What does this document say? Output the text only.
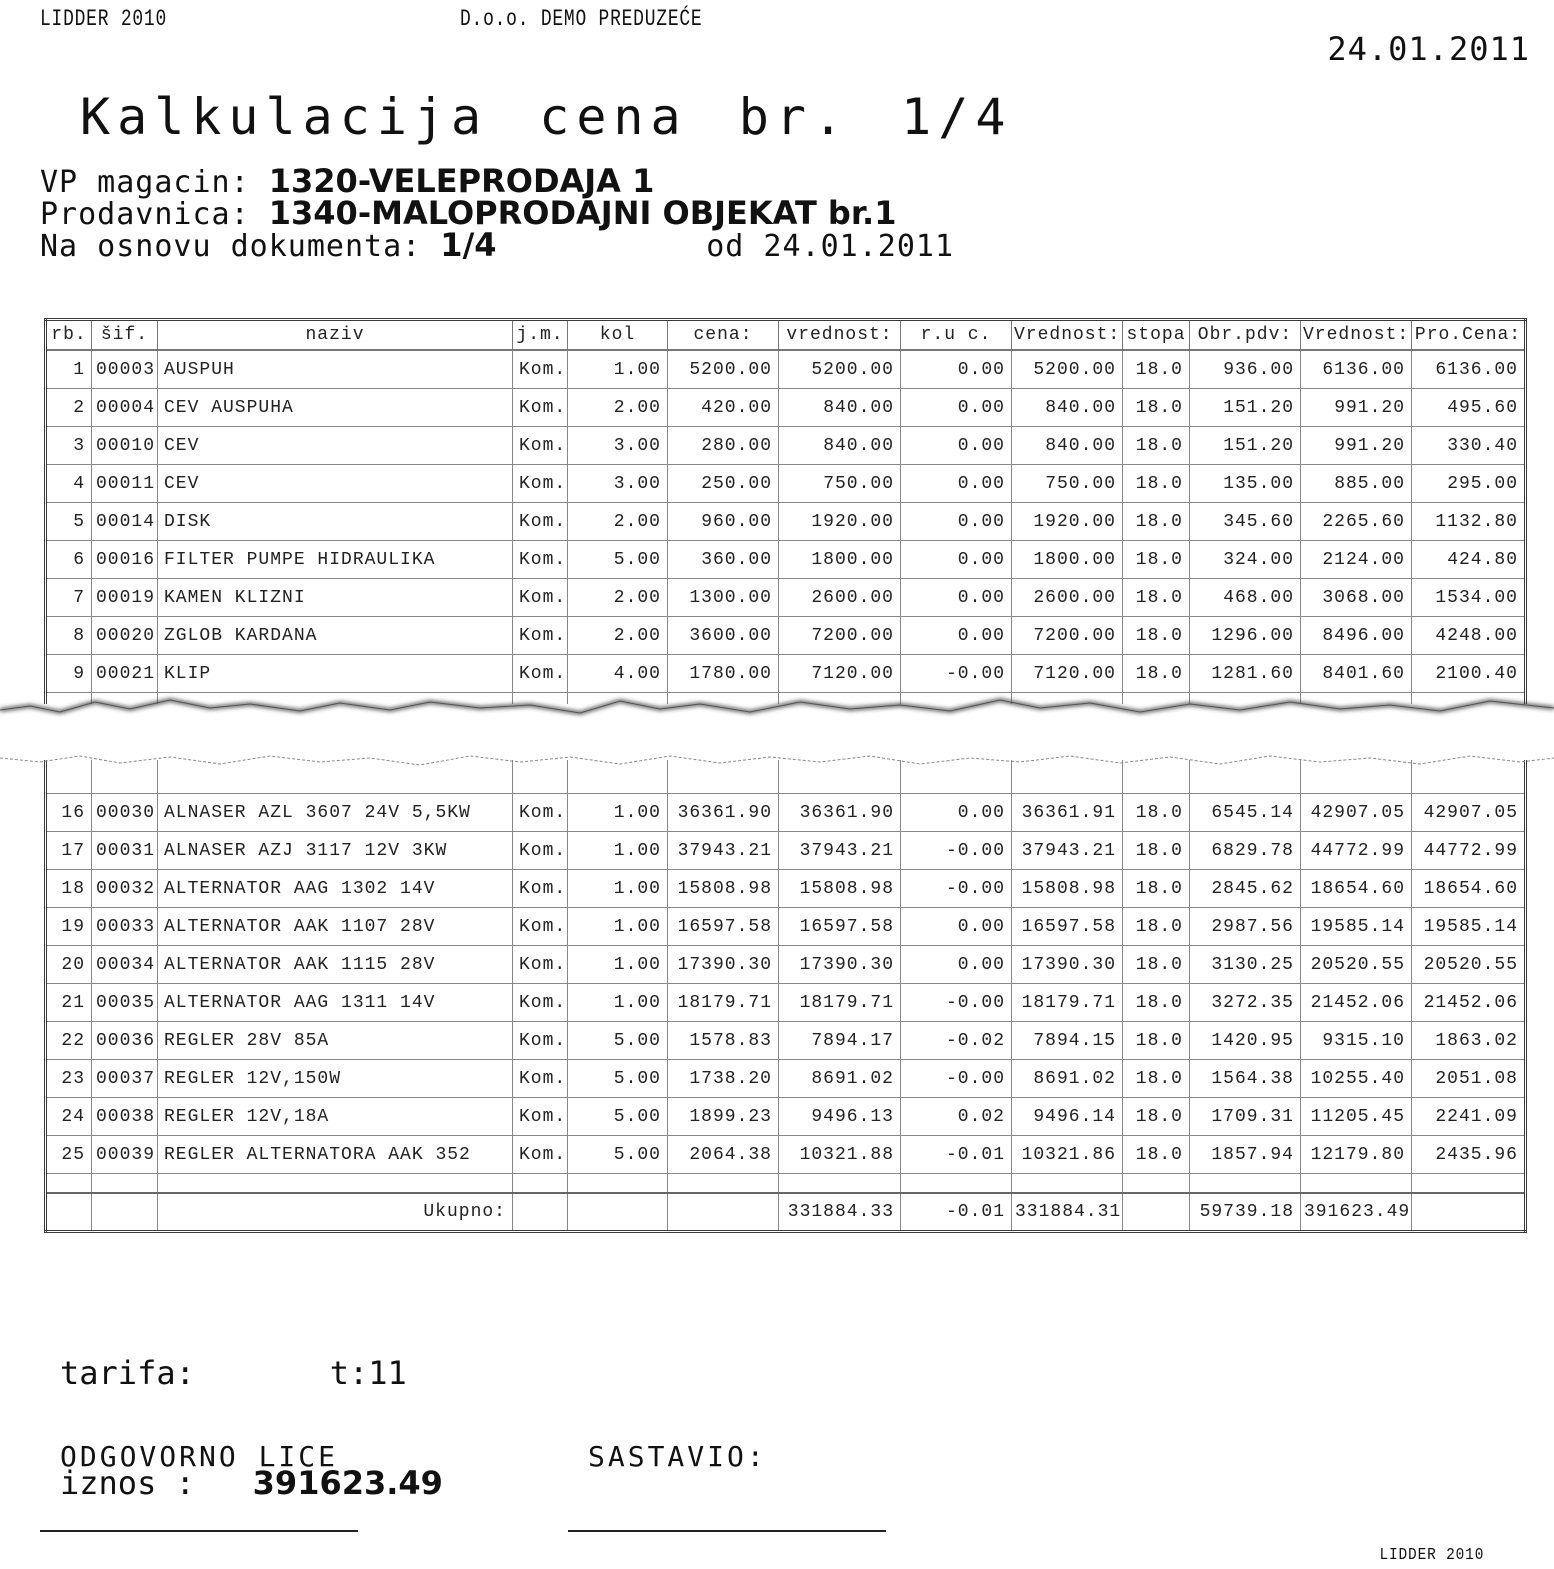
LIDDER 2010	D.o.o. DEMO PREDUZEĆE
24.01.2011
Kalkulacija cena br. 1/4
VP magacin: 1320-VELEPRODAJA 1
Prodavnica: 1340-MALOPRODAJNI OBJEKAT br.1
Na osnovu dokumenta: 1/4	od 24.01.2011
rb.	šif.	naziv	j.m.	kol	cena:	vrednost:	r.u c.	Vrednost:	stopa	Obr.pdv:	Vrednost:	Pro.Cena:
1	00003	AUSPUH	Kom.	1.00	5200.00	5200.00	0.00	5200.00	18.0	936.00	6136.00	6136.00
2	00004	CEV AUSPUHA	Kom.	2.00	420.00	840.00	0.00	840.00	18.0	151.20	991.20	495.60
3	00010	CEV	Kom.	3.00	280.00	840.00	0.00	840.00	18.0	151.20	991.20	330.40
4	00011	CEV	Kom.	3.00	250.00	750.00	0.00	750.00	18.0	135.00	885.00	295.00
5	00014	DISK	Kom.	2.00	960.00	1920.00	0.00	1920.00	18.0	345.60	2265.60	1132.80
6	00016	FILTER PUMPE HIDRAULIKA	Kom.	5.00	360.00	1800.00	0.00	1800.00	18.0	324.00	2124.00	424.80
7	00019	KAMEN KLIZNI	Kom.	2.00	1300.00	2600.00	0.00	2600.00	18.0	468.00	3068.00	1534.00
8	00020	ZGLOB KARDANA	Kom.	2.00	3600.00	7200.00	0.00	7200.00	18.0	1296.00	8496.00	4248.00
9	00021	KLIP	Kom.	4.00	1780.00	7120.00	-0.00	7120.00	18.0	1281.60	8401.60	2100.40

16	00030	ALNASER AZL 3607 24V 5,5KW	Kom.	1.00	36361.90	36361.90	0.00	36361.91	18.0	6545.14	42907.05	42907.05
17	00031	ALNASER AZJ 3117 12V 3KW	Kom.	1.00	37943.21	37943.21	-0.00	37943.21	18.0	6829.78	44772.99	44772.99
18	00032	ALTERNATOR AAG 1302 14V	Kom.	1.00	15808.98	15808.98	-0.00	15808.98	18.0	2845.62	18654.60	18654.60
19	00033	ALTERNATOR AAK 1107 28V	Kom.	1.00	16597.58	16597.58	0.00	16597.58	18.0	2987.56	19585.14	19585.14
20	00034	ALTERNATOR AAK 1115 28V	Kom.	1.00	17390.30	17390.30	0.00	17390.30	18.0	3130.25	20520.55	20520.55
21	00035	ALTERNATOR AAG 1311 14V	Kom.	1.00	18179.71	18179.71	-0.00	18179.71	18.0	3272.35	21452.06	21452.06
22	00036	REGLER 28V 85A	Kom.	5.00	1578.83	7894.17	-0.02	7894.15	18.0	1420.95	9315.10	1863.02
23	00037	REGLER 12V,150W	Kom.	5.00	1738.20	8691.02	-0.00	8691.02	18.0	1564.38	10255.40	2051.08
24	00038	REGLER 12V,18A	Kom.	5.00	1899.23	9496.13	0.02	9496.14	18.0	1709.31	11205.45	2241.09
25	00039	REGLER ALTERNATORA AAK 352	Kom.	5.00	2064.38	10321.88	-0.01	10321.86	18.0	1857.94	12179.80	2435.96

		Ukupno:				331884.33	-0.01	331884.31		59739.18	391623.49	

tarifa:	t:11

iznos : 391623.49

ODGOVORNO LICE	SASTAVIO:
LIDDER 2010
